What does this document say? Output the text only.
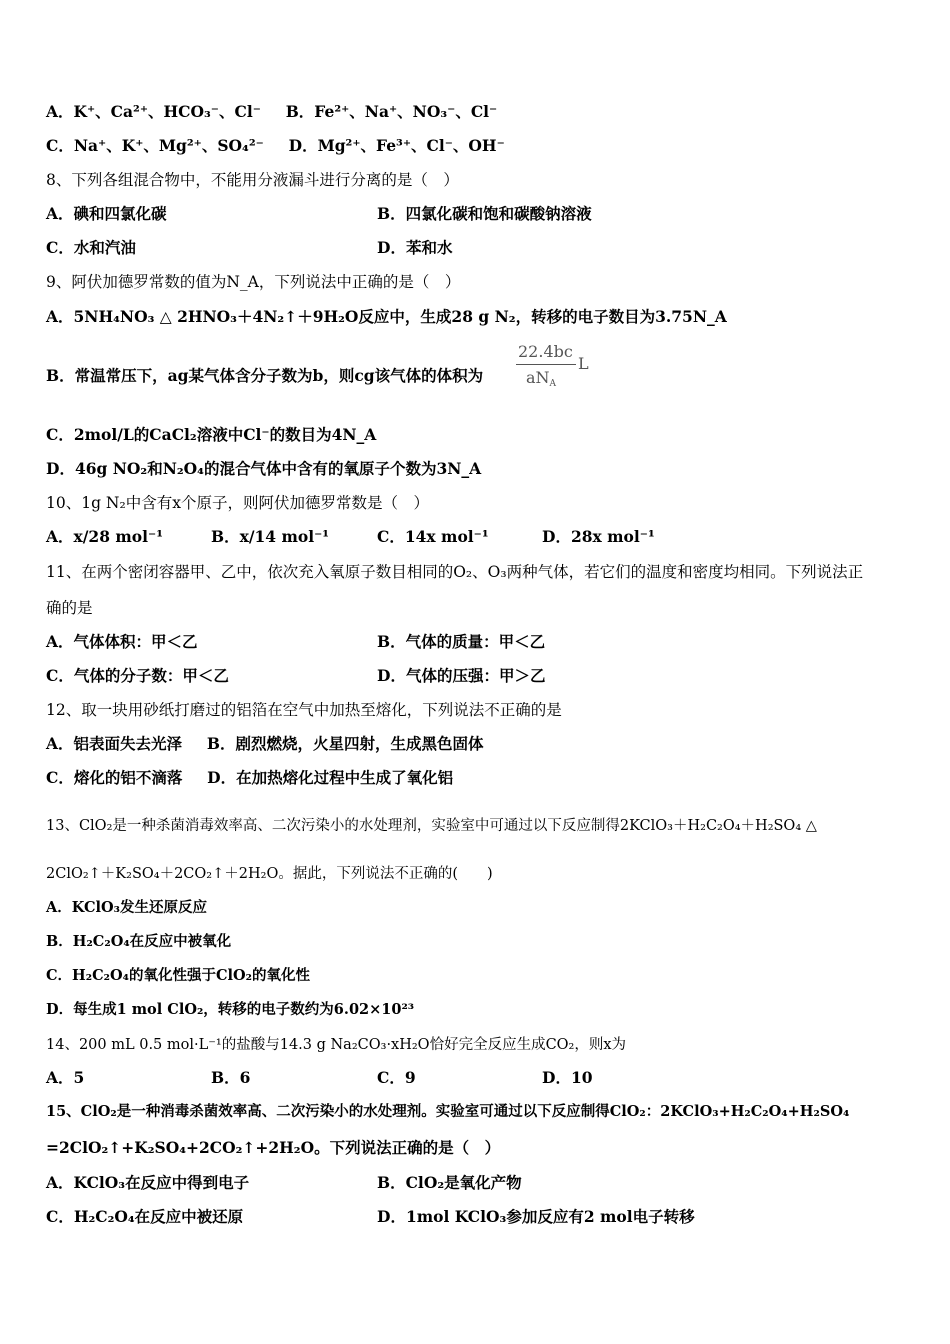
A．K⁺、Ca²⁺、HCO₃⁻、Cl⁻ B．Fe²⁺、Na⁺、NO₃⁻、Cl⁻
C．Na⁺、K⁺、Mg²⁺、SO₄²⁻ D．Mg²⁺、Fe³⁺、Cl⁻、OH⁻
8、下列各组混合物中，不能用分液漏斗进行分离的是（　）
A．碘和四氯化碳	B．四氯化碳和饱和碳酸钠溶液
C．水和汽油	D．苯和水
9、阿伏加德罗常数的值为N_A，下列说法中正确的是（　）
A．5NH₄NO₃ △ 2HNO₃＋4N₂↑＋9H₂O反应中，生成28 g N₂，转移的电子数目为3.75N_A
B．常温常压下，ag某气体含分子数为b，则cg该气体的体积为
22.4bc
$aN_A$
L
C．2mol/L的CaCl₂溶液中Cl⁻的数目为4N_A
D．46g NO₂和N₂O₄的混合气体中含有的氧原子个数为3N_A
10、1g N₂中含有x个原子，则阿伏加德罗常数是（　）
A．x/28 mol⁻¹	B．x/14 mol⁻¹	C．14x mol⁻¹	D．28x mol⁻¹
11、在两个密闭容器甲、乙中，依次充入氧原子数目相同的O₂、O₃两种气体，若它们的温度和密度均相同。下列说法正
确的是
A．气体体积：甲＜乙	B．气体的质量：甲＜乙
C．气体的分子数：甲＜乙	D．气体的压强：甲＞乙
12、取一块用砂纸打磨过的铝箔在空气中加热至熔化，下列说法不正确的是
A．铝表面失去光泽 B．剧烈燃烧，火星四射，生成黑色固体
C．熔化的铝不滴落 D．在加热熔化过程中生成了氧化铝
13、ClO₂是一种杀菌消毒效率高、二次污染小的水处理剂，实验室中可通过以下反应制得2KClO₃＋H₂C₂O₄＋H₂SO₄ △
2ClO₂↑＋K₂SO₄＋2CO₂↑＋2H₂O。据此，下列说法不正确的(　　)
A．KClO₃发生还原反应
B．H₂C₂O₄在反应中被氧化
C．H₂C₂O₄的氧化性强于ClO₂的氧化性
D．每生成1 mol ClO₂，转移的电子数约为6.02×10²³
14、200 mL 0.5 mol·L⁻¹的盐酸与14.3 g Na₂CO₃·xH₂O恰好完全反应生成CO₂，则x为
A．5	B．6	C．9	D．10
15、ClO₂是一种消毒杀菌效率高、二次污染小的水处理剂。实验室可通过以下反应制得ClO₂：2KClO₃+H₂C₂O₄+H₂SO₄
=2ClO₂↑+K₂SO₄+2CO₂↑+2H₂O。下列说法正确的是（　）
A．KClO₃在反应中得到电子	B．ClO₂是氧化产物
C．H₂C₂O₄在反应中被还原	D．1mol KClO₃参加反应有2 mol电子转移
